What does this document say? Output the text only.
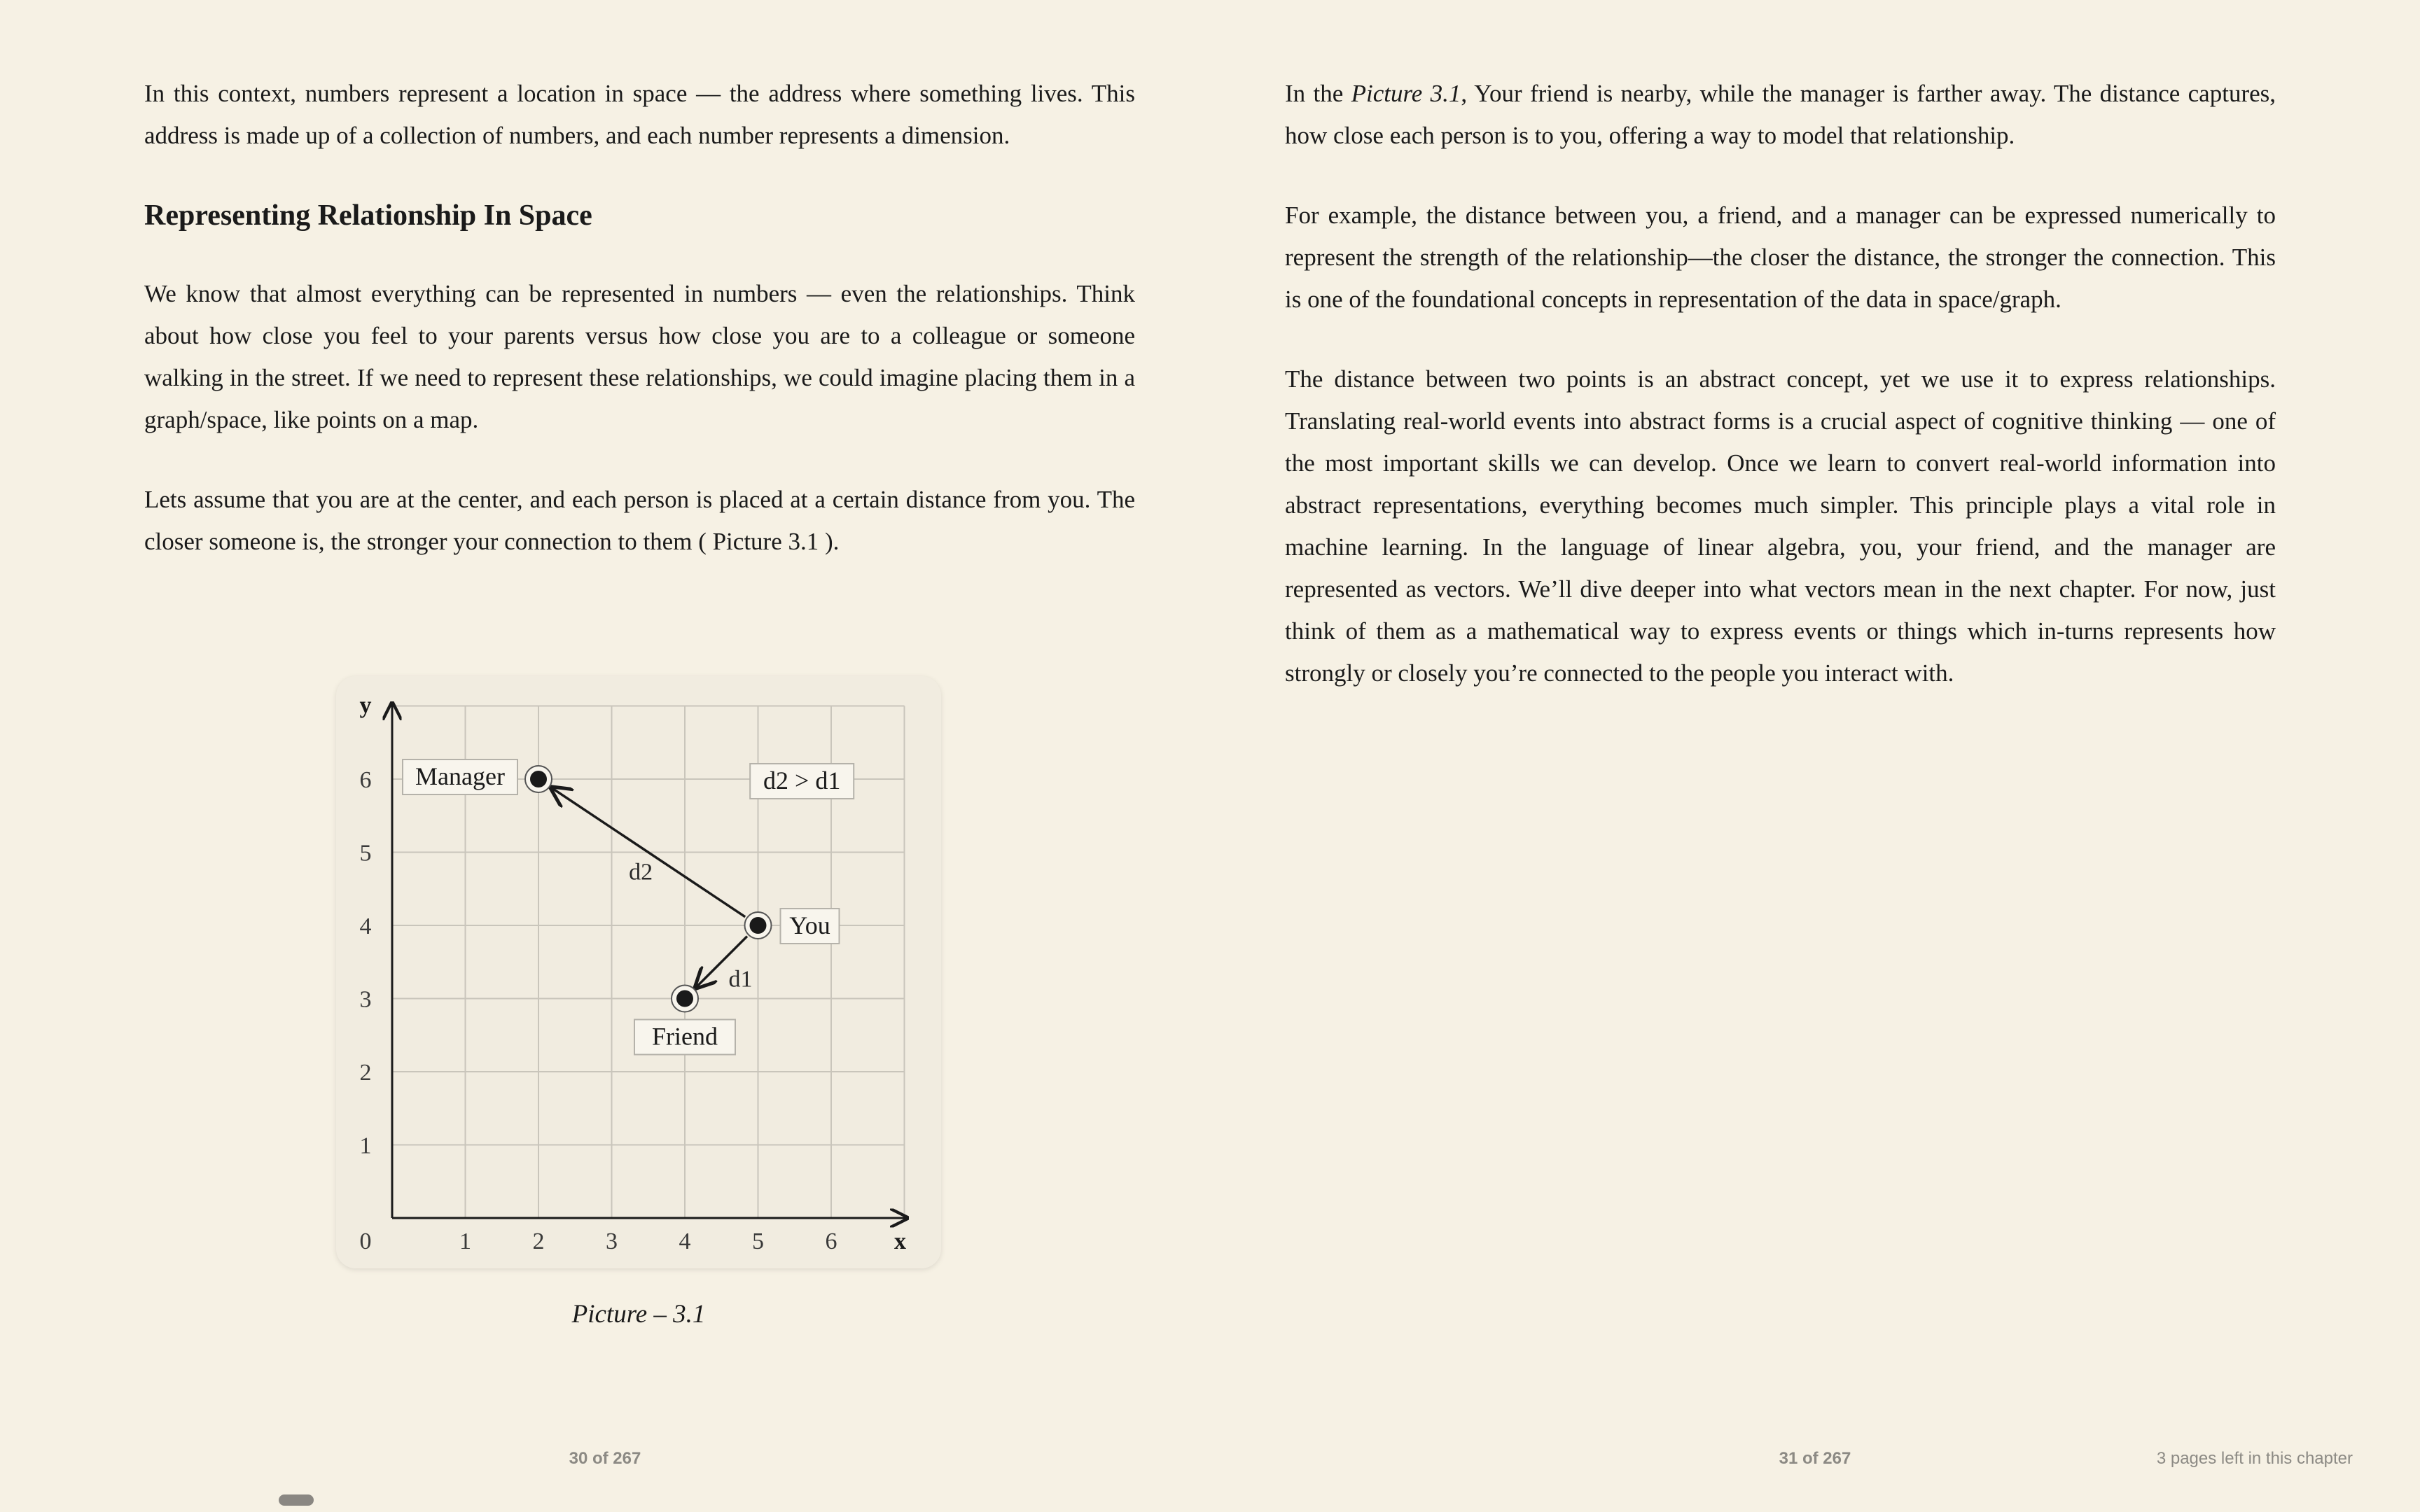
In this context, numbers represent a location in space — the address where something lives. This address is made up of a collection of numbers, and each number represents a dimension.

Representing Relationship In Space

We know that almost everything can be represented in numbers — even the relationships. Think about how close you feel to your parents versus how close you are to a colleague or someone walking in the street. If we need to represent these relationships, we could imagine placing them in a graph/space, like points on a map.

Lets assume that you are at the center, and each person is placed at a certain distance from you. The closer someone is, the stronger your connection to them ( Picture 3.1 ).

1	2	3	4	5	6
1
2
3
4
5
6
0	x
y
d2
d1
Manager
You
Friend
d2 > d1
Picture – 3.1
30 of 267

In the Picture 3.1, Your friend is nearby, while the manager is farther away. The distance captures, how close each person is to you, offering a way to model that relationship.

For example, the distance between you, a friend, and a manager can be expressed numerically to represent the strength of the relationship—the closer the distance, the stronger the connection. This is one of the foundational concepts in representation of the data in space/graph.

The distance between two points is an abstract concept, yet we use it to express relationships. Translating real-world events into abstract forms is a crucial aspect of cognitive thinking — one of the most important skills we can develop. Once we learn to convert real-world information into abstract representations, everything becomes much simpler. This principle plays a vital role in machine learning. In the language of linear algebra, you, your friend, and the manager are represented as vectors. We’ll dive deeper into what vectors mean in the next chapter. For now, just think of them as a mathematical way to express events or things which in-turns represents how strongly or closely you’re connected to the people you interact with.

31 of 267	3 pages left in this chapter
